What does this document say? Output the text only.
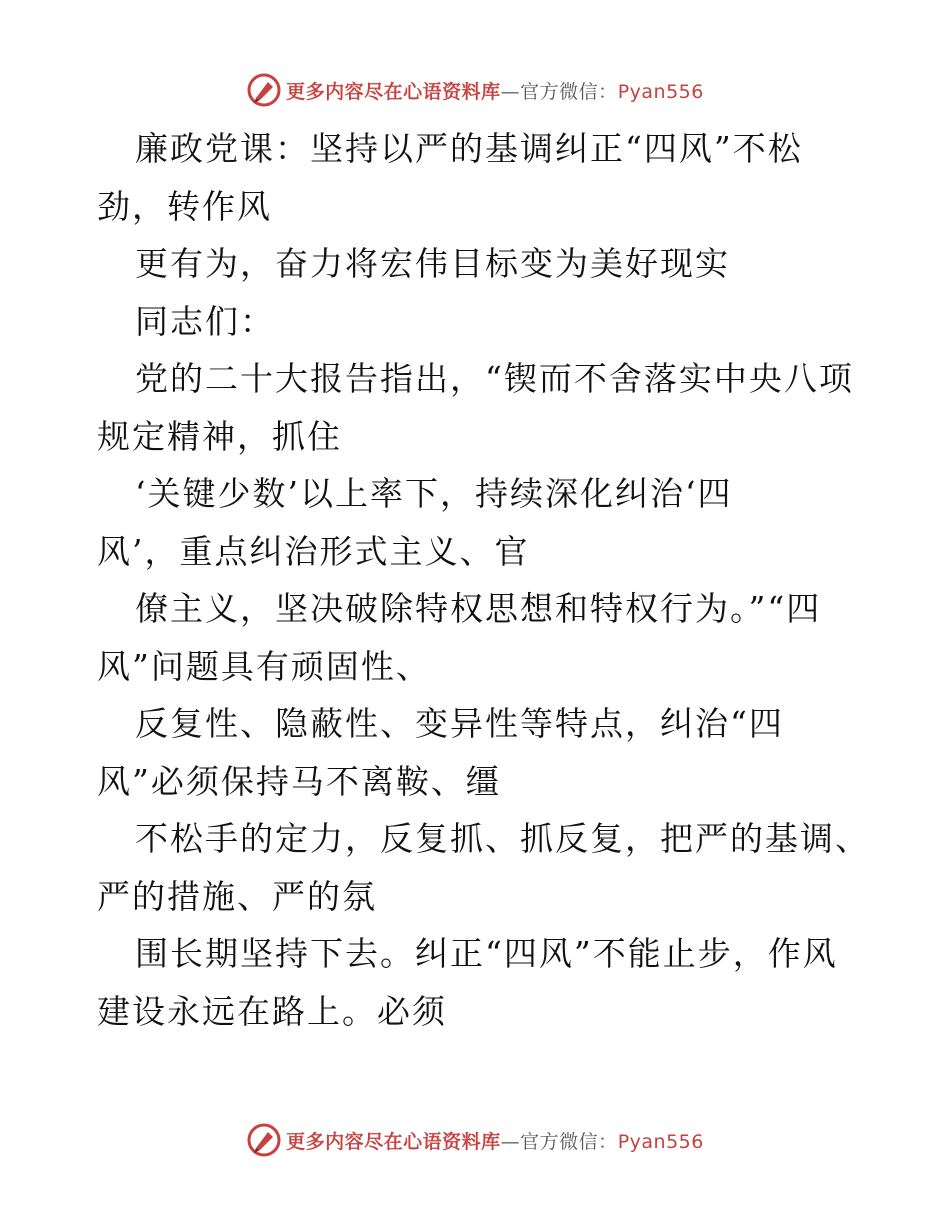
更多内容尽在心语资料库—官方微信：Pyan556
廉政党课：坚持以严的基调纠正“四风”不松
劲，转作风
更有为，奋力将宏伟目标变为美好现实
同志们：
党的二十大报告指出，“锲而不舍落实中央八项
规定精神，抓住
‘关键少数’以上率下，持续深化纠治‘四
风’，重点纠治形式主义、官
僚主义，坚决破除特权思想和特权行为。”“四
风”问题具有顽固性、
反复性、隐蔽性、变异性等特点，纠治“四
风”必须保持马不离鞍、缰
不松手的定力，反复抓、抓反复，把严的基调、
严的措施、严的氛
围长期坚持下去。纠正“四风”不能止步，作风
建设永远在路上。必须
更多内容尽在心语资料库—官方微信：Pyan556
